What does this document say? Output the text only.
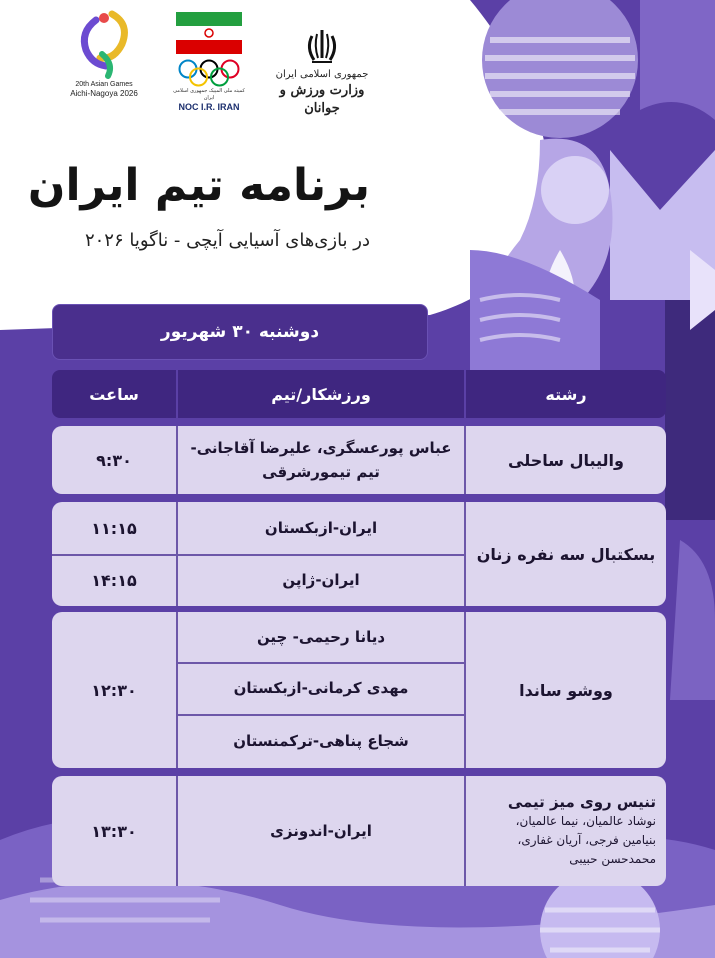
20th Asian Games
Aichi-Nagoya 2026	کمیته ملی المپیک جمهوری اسلامی ایران
NOC I.R. IRAN
جمهوری اسلامی ایران
وزارت ورزش و جوانان
برنامه تیم ایران
در بازی‌های آسیایی آیچی - ناگویا ۲۰۲۶
دوشنبه ۳۰ شهریور
رشته
ورزشکار/تیم
ساعت
والیبال ساحلی
عباس پورعسگری، علیرضا آقاجانی-
تیم تیمورشرقی
۹:۳۰
بسکتبال سه نفره زنان
ایران-ازبکستان
۱۱:۱۵
ایران-ژاپن
۱۴:۱۵
ووشو ساندا
دیانا رحیمی- چین
مهدی کرمانی-ازبکستان
شجاع پناهی-ترکمنستان
۱۲:۳۰
تنیس روی میز تیمی
نوشاد عالمیان، نیما عالمیان،
بنیامین فرجی، آریان غفاری،
محمدحسن حبیبی
ایران-اندونزی
۱۳:۳۰
